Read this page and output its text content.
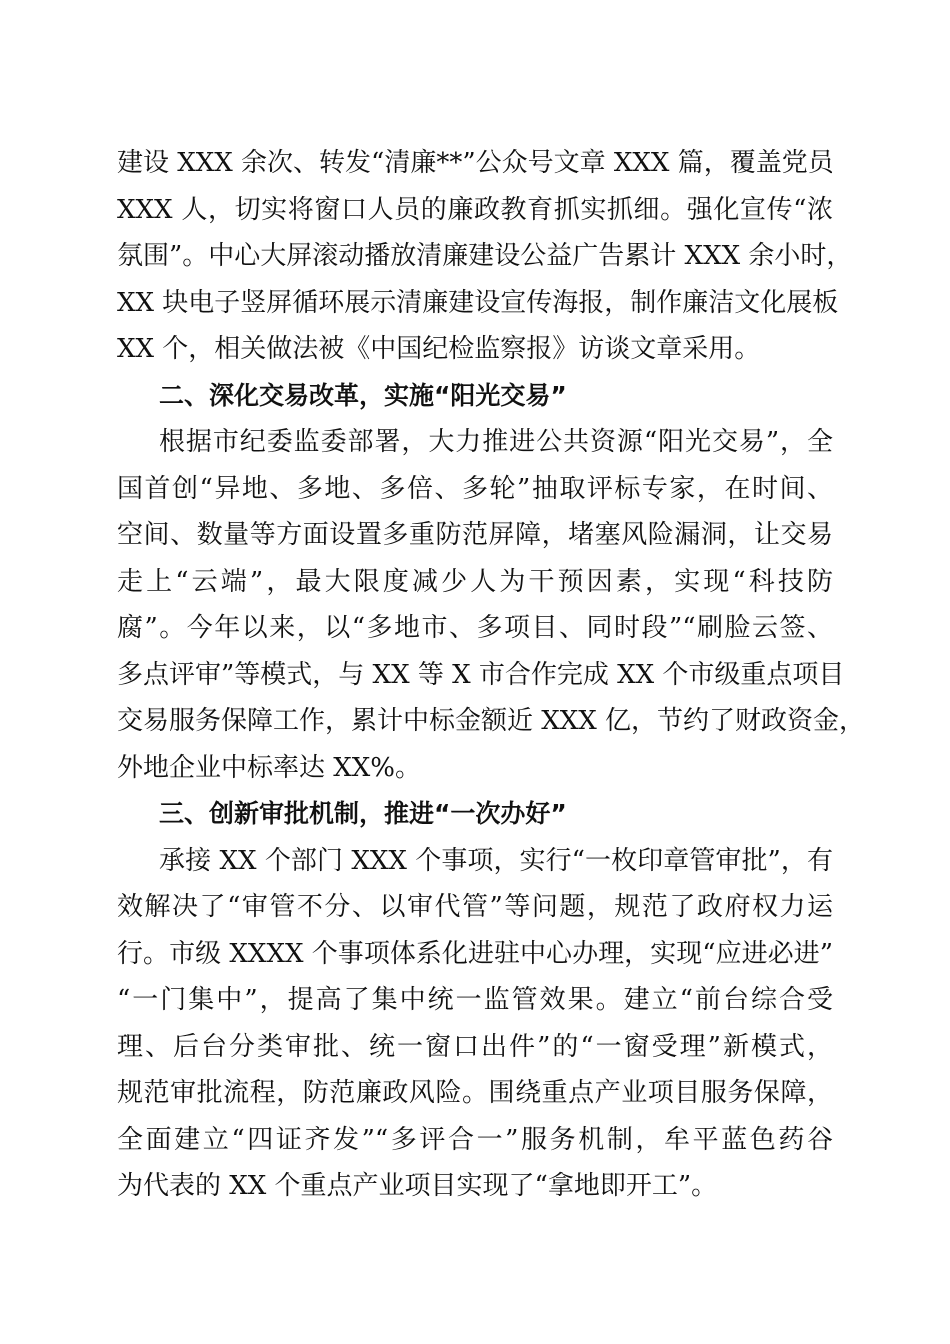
建设 XXX 余次、转发“清廉**”公众号文章 XXX 篇，覆盖党员
XXX 人，切实将窗口人员的廉政教育抓实抓细。强化宣传“浓
氛围”。中心大屏滚动播放清廉建设公益广告累计 XXX 余小时，
XX 块电子竖屏循环展示清廉建设宣传海报，制作廉洁文化展板
XX 个，相关做法被《中国纪检监察报》访谈文章采用。
二、深化交易改革，实施“阳光交易”
根据市纪委监委部署，大力推进公共资源“阳光交易”，全
国首创“异地、多地、多倍、多轮”抽取评标专家，在时间、
空间、数量等方面设置多重防范屏障，堵塞风险漏洞，让交易
走上“云端”，最大限度减少人为干预因素，实现“科技防
腐”。今年以来，以“多地市、多项目、同时段”“刷脸云签、
多点评审”等模式，与 XX 等 X 市合作完成 XX 个市级重点项目
交易服务保障工作，累计中标金额近 XXX 亿，节约了财政资金，
外地企业中标率达 XX%。
三、创新审批机制，推进“一次办好”
承接 XX 个部门 XXX 个事项，实行“一枚印章管审批”，有
效解决了“审管不分、以审代管”等问题，规范了政府权力运
行。市级 XXXX 个事项体系化进驻中心办理，实现“应进必进”
“一门集中”，提高了集中统一监管效果。建立“前台综合受
理、后台分类审批、统一窗口出件”的“一窗受理”新模式，
规范审批流程，防范廉政风险。围绕重点产业项目服务保障，
全面建立“四证齐发”“多评合一”服务机制，牟平蓝色药谷
为代表的 XX 个重点产业项目实现了“拿地即开工”。
